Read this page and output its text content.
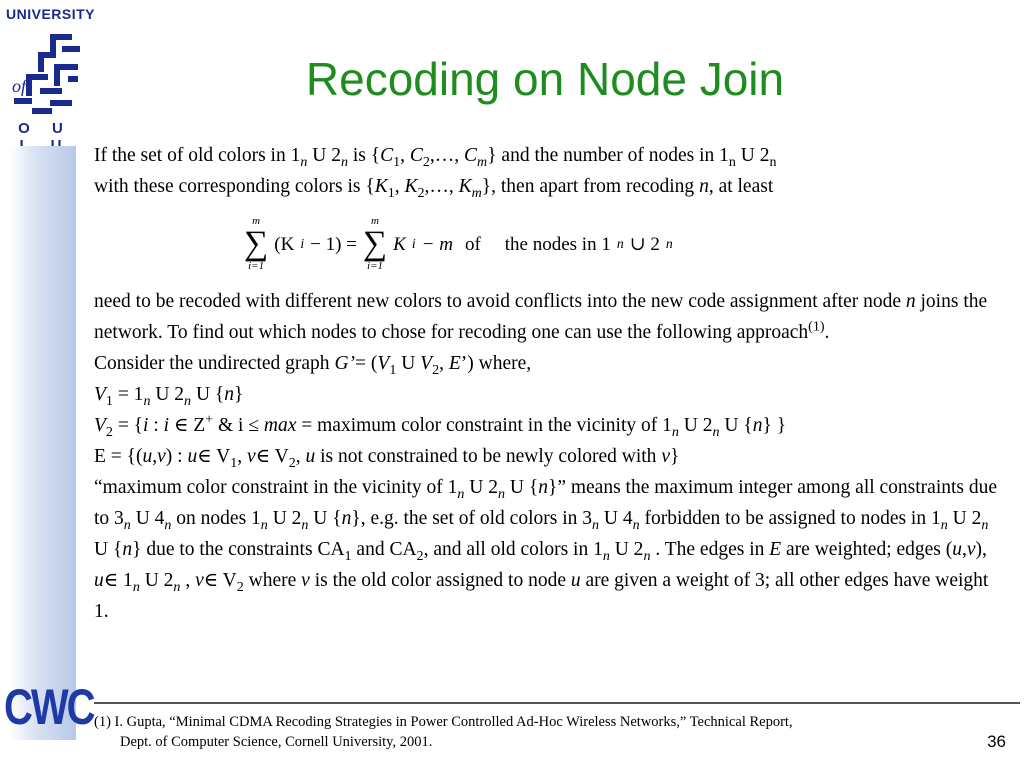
UNIVERSITY
of
O U
CWC
Recoding on Node Join

If the set of old colors in $1_n$ U $2_n$ is {$C_1$, $C_2,\dots$, $C_m$} and the number of nodes in $1_n$ U $2_n$
with these corresponding colors is {$K_1$, $K_2,\dots$, $K_m$}, then apart from recoding n, at least

m
∑
i=1
(K i − 1) =
m
∑
i=1
K i − m of the nodes in 1 n ∪ 2 n

need to be recoded with different new colors to avoid conflicts into the new code assignment after node n joins the network. To find out which nodes to chose for recoding one can use the following approach$^{(1)}$.
Consider the undirected graph G’= ($V_1$ U $V_2$, E’) where,
$V_1 = 1_n$ U $2_n$ U {n}
$V_2 = \{i$ : i ∈ Z+ & i ≤ max = maximum color constraint in the vicinity of $1_n$ U $2_n$ U {n} }
E = {(u,v) : u∈ $V_1$, v∈ $V_2$, u is not constrained to be newly colored with v}
“maximum color constraint in the vicinity of $1_n$ U $2_n$ U {n}” means the maximum integer among all constraints due to $3_n$ U $4_n$ on nodes $1_n$ U $2_n$ U {n}, e.g. the set of old colors in $3_n$ U $4_n$ forbidden to be assigned to nodes in $1_n$ U $2_n$ U {n} due to the constraints $CA_1$ and $CA_2$, and all old colors in $1_n$ U $2_n$ . The edges in E are weighted; edges (u,v), u∈ $1_n$ U $2_n$ , v∈ $V_2$ where v is the old color assigned to node u are given a weight of 3; all other edges have weight 1.

(1) I. Gupta, “Minimal CDMA Recoding Strategies in Power Controlled Ad-Hoc Wireless Networks,” Technical Report,
Dept. of Computer Science, Cornell University, 2001.	36
